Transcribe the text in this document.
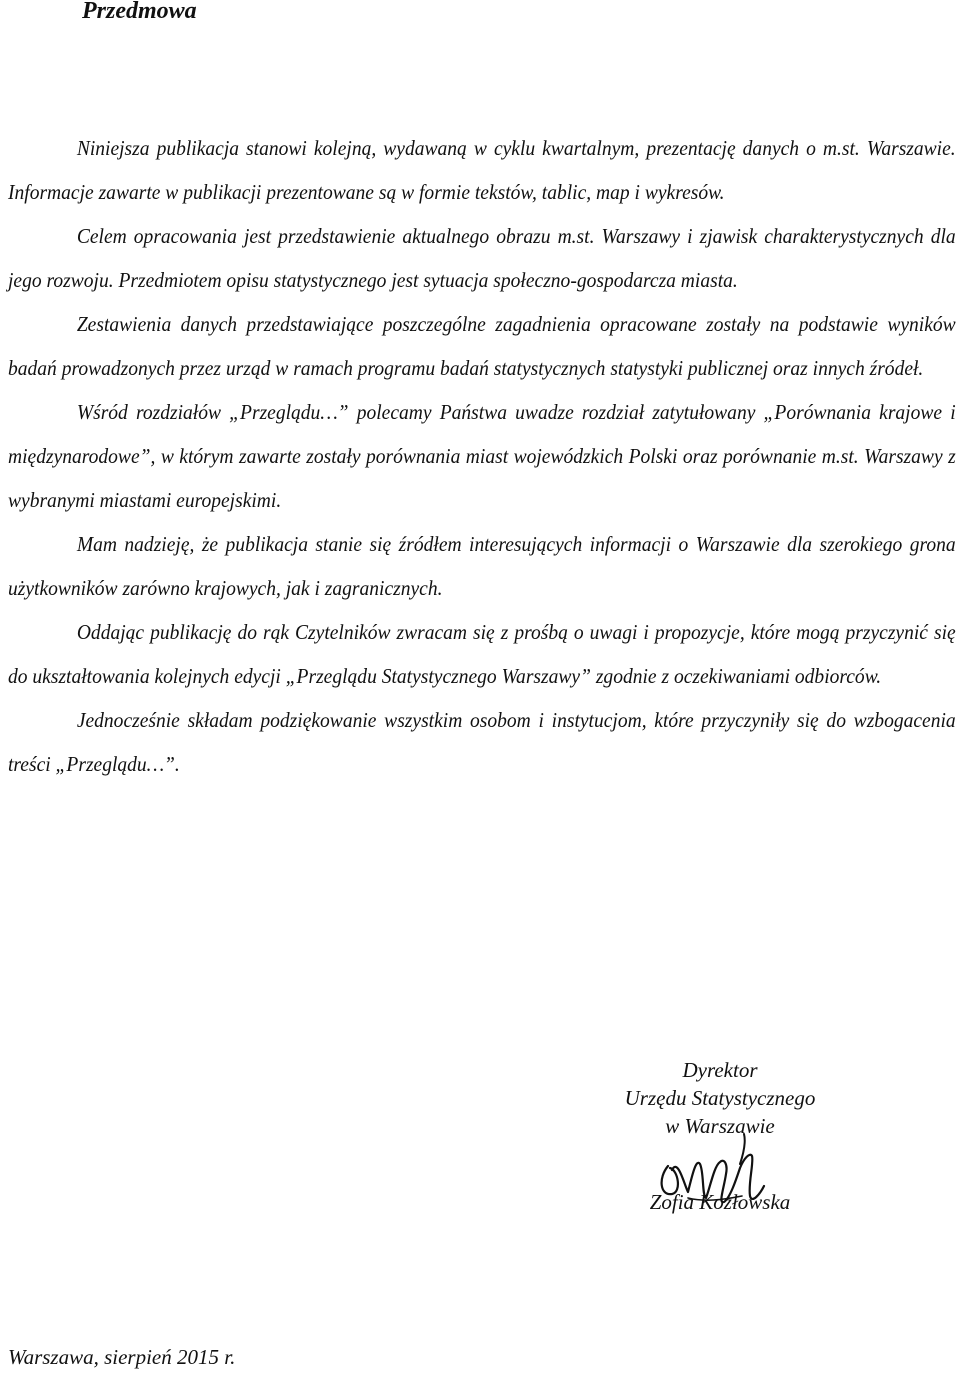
Przedmowa

Niniejsza publikacja stanowi kolejną, wydawaną w cyklu kwartalnym, prezentację danych o m.st. Warszawie. Informacje zawarte w publikacji prezentowane są w formie tekstów, tablic, map i wykresów.

Celem opracowania jest przedstawienie aktualnego obrazu m.st. Warszawy i zjawisk charakterystycznych dla jego rozwoju. Przedmiotem opisu statystycznego jest sytuacja społeczno-gospodarcza miasta.

Zestawienia danych przedstawiające poszczególne zagadnienia opracowane zostały na podstawie wyników badań prowadzonych przez urząd w ramach programu badań statystycznych statystyki publicznej oraz innych źródeł.

Wśród rozdziałów „Przeglądu…” polecamy Państwa uwadze rozdział zatytułowany „Porównania krajowe i międzynarodowe”, w którym zawarte zostały porównania miast wojewódzkich Polski oraz porównanie m.st. Warszawy z wybranymi miastami europejskimi.

Mam nadzieję, że publikacja stanie się źródłem interesujących informacji o Warszawie dla szerokiego grona użytkowników zarówno krajowych, jak i zagranicznych.

Oddając publikację do rąk Czytelników zwracam się z prośbą o uwagi i propozycje, które mogą przyczynić się do ukształtowania kolejnych edycji „Przeglądu Statystycznego Warszawy” zgodnie z oczekiwaniami odbiorców.

Jednocześnie składam podziękowanie wszystkim osobom i instytucjom, które przyczyniły się do wzbogacenia treści „Przeglądu…”.

Dyrektor
Urzędu Statystycznego
w Warszawie
Zofia Kozłowska
Warszawa, sierpień 2015 r.
